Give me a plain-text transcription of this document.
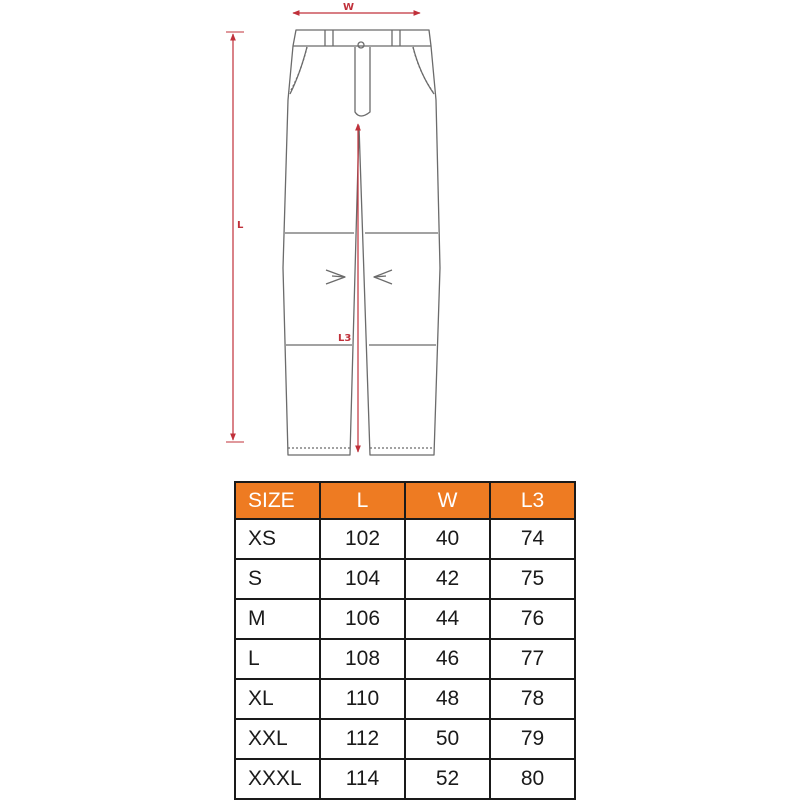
W
L
L3
SIZE	L	W	L3
XS	102	40	74
S	104	42	75
M	106	44	76
L	108	46	77
XL	110	48	78
XXL	112	50	79
XXXL	114	52	80
